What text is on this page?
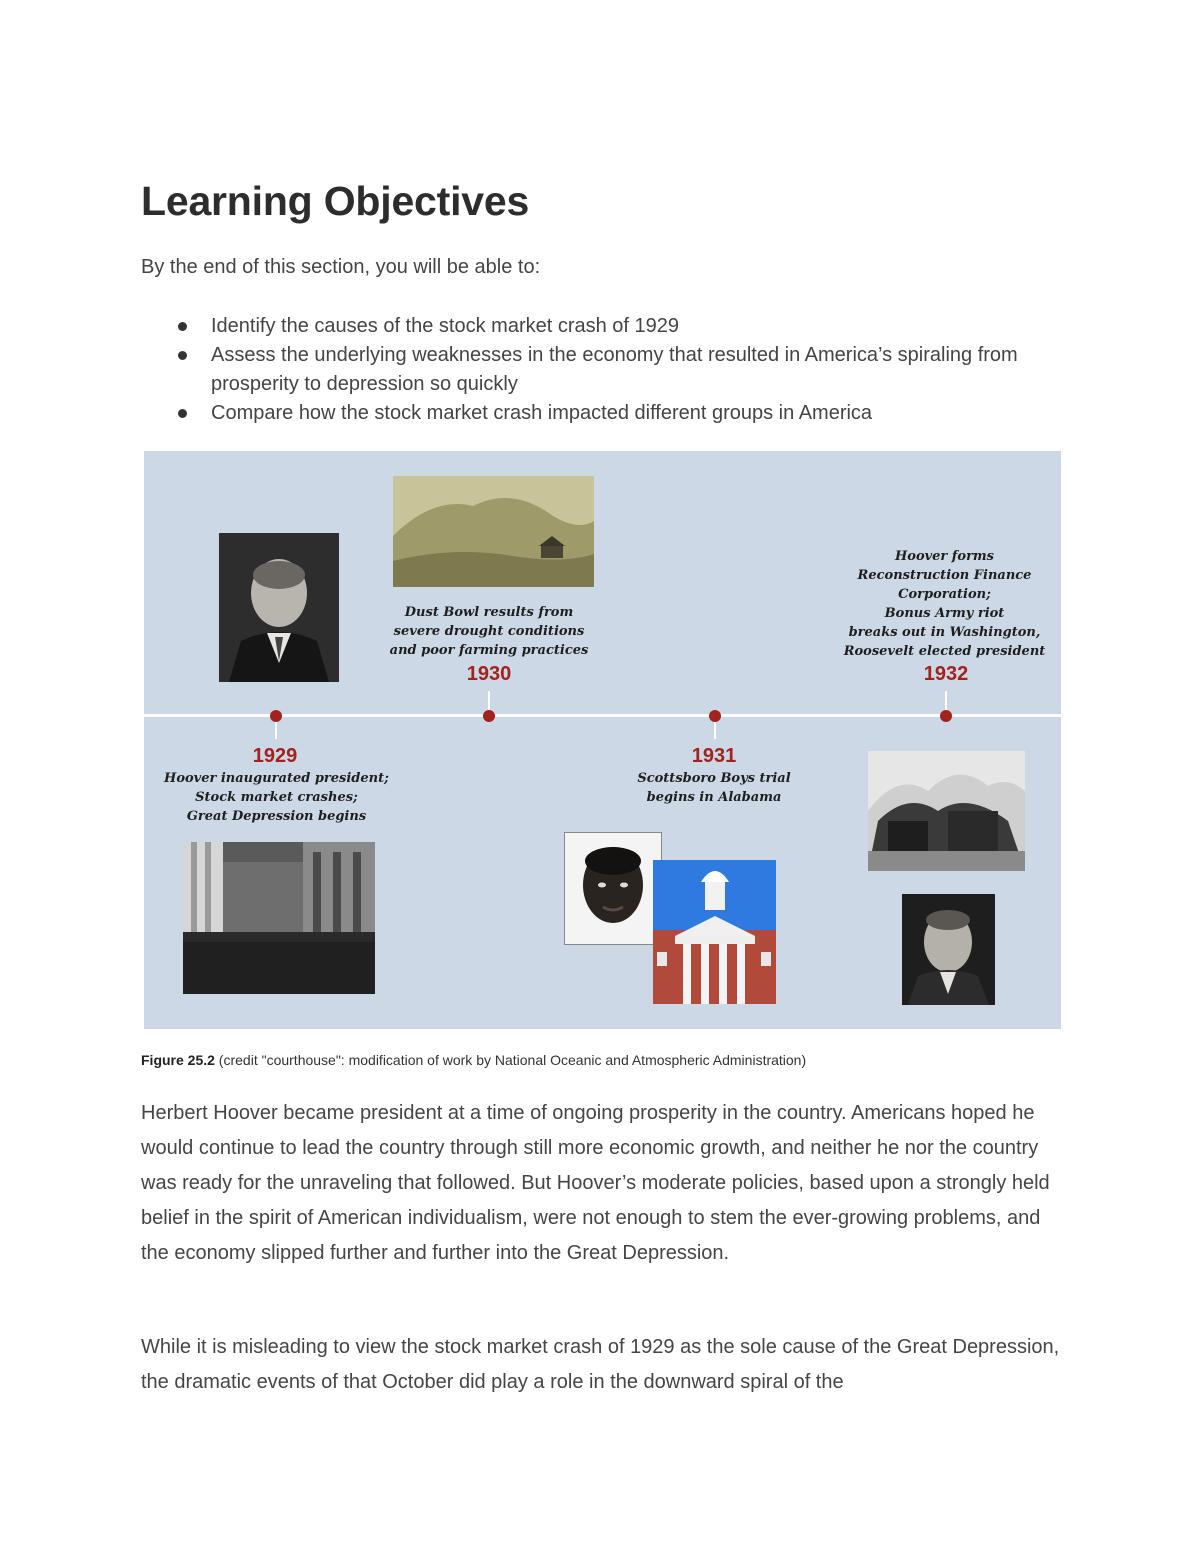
Learning Objectives
By the end of this section, you will be able to:
Identify the causes of the stock market crash of 1929
Assess the underlying weaknesses in the economy that resulted in America’s spiraling from prosperity to depression so quickly
Compare how the stock market crash impacted different groups in America
1929
Hoover inaugurated president;
Stock market crashes;
Great Depression begins
1930
Dust Bowl results from
severe drought conditions
and poor farming practices
1931
Scottsboro Boys trial
begins in Alabama
1932
Hoover forms
Reconstruction Finance
Corporation;
Bonus Army riot
breaks out in Washington,
Roosevelt elected president
Figure 25.2 (credit "courthouse": modification of work by National Oceanic and Atmospheric Administration)

Herbert Hoover became president at a time of ongoing prosperity in the country. Americans hoped he would continue to lead the country through still more economic growth, and neither he nor the country was ready for the unraveling that followed. But Hoover’s moderate policies, based upon a strongly held belief in the spirit of American individualism, were not enough to stem the ever-growing problems, and the economy slipped further and further into the Great Depression.

While it is misleading to view the stock market crash of 1929 as the sole cause of the Great Depression, the dramatic events of that October did play a role in the downward spiral of the
